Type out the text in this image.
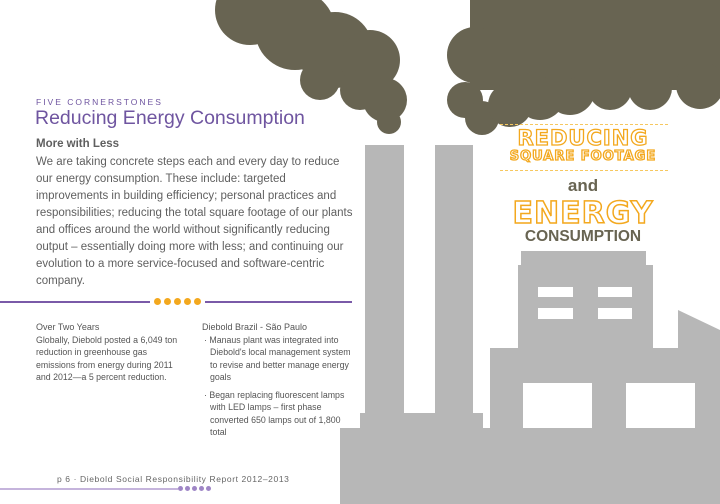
FIVE CORNERSTONES
Reducing Energy Consumption
More with Less
We are taking concrete steps each and every day to reduce our energy consumption. These include: targeted improvements in building efficiency; personal practices and responsibilities; reducing the total square footage of our plants and offices around the world without significantly reducing output – essentially doing more with less; and continuing our evolution to a more service-focused and software-centric company.
Over Two Years

Globally, Diebold posted a 6,049 ton reduction in greenhouse gas emissions from energy during 2011 and 2012—a 5 percent reduction.

Diebold Brazil - São Paulo
· Manaus plant was integrated into Diebold's local management system to revise and better manage energy goals
· Began replacing fluorescent lamps with LED lamps – first phase converted 650 lamps out of 1,800 total
REDUCING
SQUARE FOOTAGE
and
ENERGY
CONSUMPTION
p 6 · Diebold Social Responsibility Report 2012–2013
